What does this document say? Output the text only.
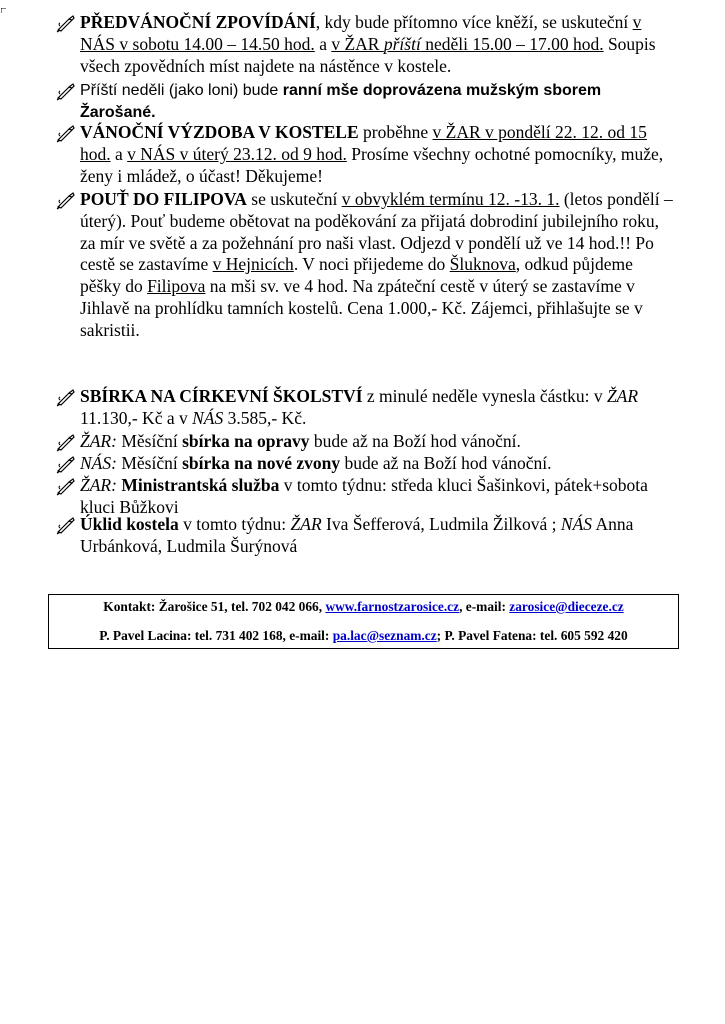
PŘEDVÁNOČNÍ ZPOVÍDÁNÍ, kdy bude přítomno více kněží, se uskuteční v NÁS v sobotu 14.00 – 14.50 hod. a v ŽAR příští neděli 15.00 – 17.00 hod. Soupis všech zpovědních míst najdete na nástěnce v kostele.
Příští neděli (jako loni) bude ranní mše doprovázena mužským sborem Žarošané.
VÁNOČNÍ VÝZDOBA V KOSTELE proběhne v ŽAR v pondělí 22. 12. od 15 hod. a v NÁS v úterý 23.12. od 9 hod. Prosíme všechny ochotné pomocníky, muže, ženy i mládež, o účast! Děkujeme!
POUŤ DO FILIPOVA se uskuteční v obvyklém termínu 12. -13. 1. (letos pondělí – úterý). Pouť budeme obětovat na poděkování za přijatá dobrodiní jubilejního roku, za mír ve světě a za požehnání pro naši vlast. Odjezd v pondělí už ve 14 hod.!! Po cestě se zastavíme v Hejnicích. V noci přijedeme do Šluknova, odkud půjdeme pěšky do Filipova na mši sv. ve 4 hod. Na zpáteční cestě v úterý se zastavíme v Jihlavě na prohlídku tamních kostelů. Cena 1.000,- Kč. Zájemci, přihlašujte se v sakristii.
SBÍRKA NA CÍRKEVNÍ ŠKOLSTVÍ z minulé neděle vynesla částku: v ŽAR 11.130,- Kč a v NÁS 3.585,- Kč.
ŽAR: Měsíční sbírka na opravy bude až na Boží hod vánoční.
NÁS: Měsíční sbírka na nové zvony bude až na Boží hod vánoční.
ŽAR: Ministrantská služba v tomto týdnu: středa kluci Šašinkovi, pátek+sobota kluci Bůžkovi
Úklid kostela v tomto týdnu: ŽAR Iva Šefferová, Ludmila Žilková ; NÁS Anna Urbánková, Ludmila Šurýnová
Kontakt: Žarošice 51, tel. 702 042 066, www.farnostzarosice.cz, e-mail: zarosice@dieceze.cz
P. Pavel Lacina: tel. 731 402 168, e-mail: pa.lac@seznam.cz; P. Pavel Fatena: tel. 605 592 420
